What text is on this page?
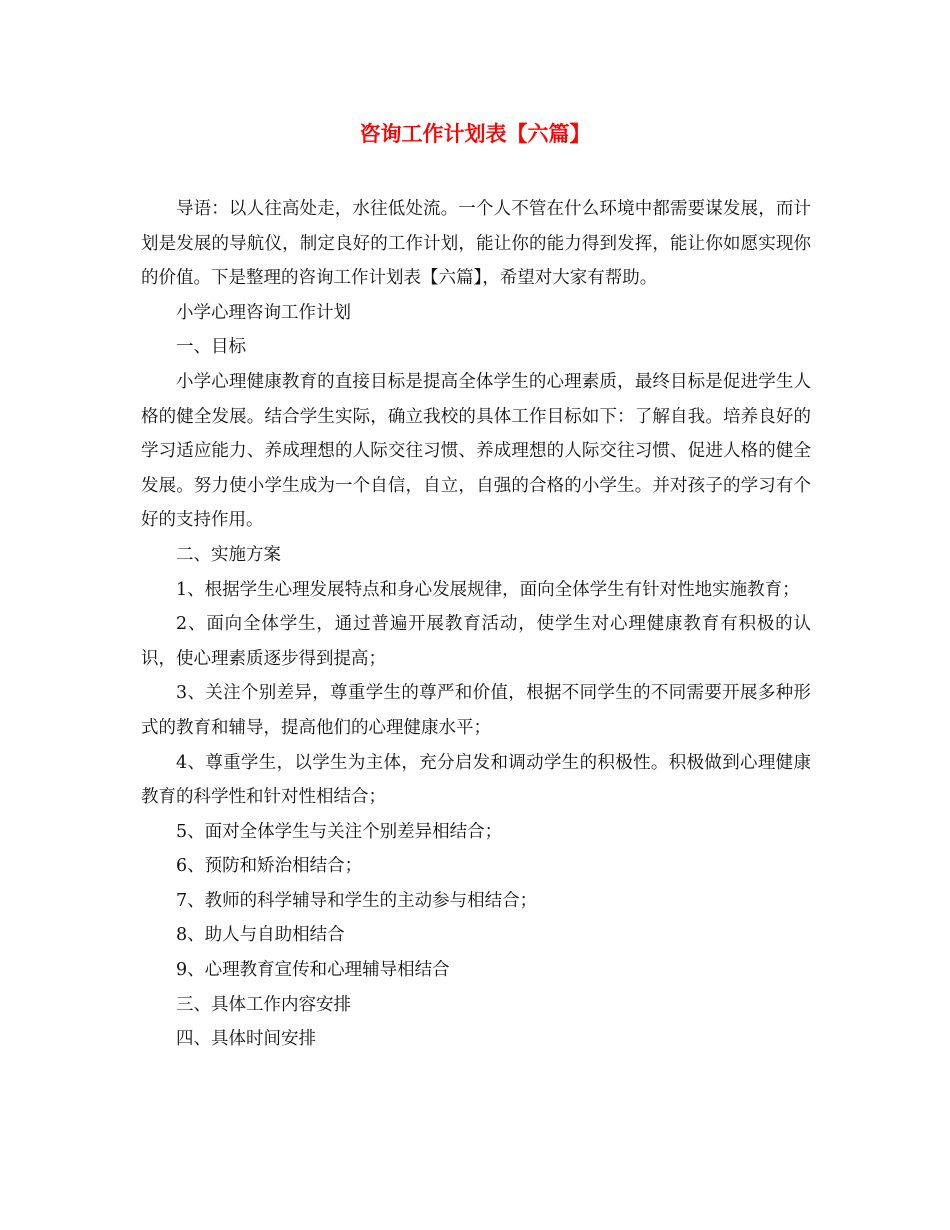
咨询工作计划表【六篇】

导语：以人往高处走，水往低处流。一个人不管在什么环境中都需要谋发展，而计划是发展的导航仪，制定良好的工作计划，能让你的能力得到发挥，能让你如愿实现你的价值。下是整理的咨询工作计划表【六篇】，希望对大家有帮助。

小学心理咨询工作计划

一、目标

小学心理健康教育的直接目标是提高全体学生的心理素质，最终目标是促进学生人格的健全发展。结合学生实际，确立我校的具体工作目标如下：了解自我。培养良好的学习适应能力、养成理想的人际交往习惯、养成理想的人际交往习惯、促进人格的健全发展。努力使小学生成为一个自信，自立，自强的合格的小学生。并对孩子的学习有个好的支持作用。

二、实施方案

1、根据学生心理发展特点和身心发展规律，面向全体学生有针对性地实施教育；

2、面向全体学生，通过普遍开展教育活动，使学生对心理健康教育有积极的认识，使心理素质逐步得到提高；

3、关注个别差异，尊重学生的尊严和价值，根据不同学生的不同需要开展多种形式的教育和辅导，提高他们的心理健康水平；

4、尊重学生，以学生为主体，充分启发和调动学生的积极性。积极做到心理健康教育的科学性和针对性相结合；

5、面对全体学生与关注个别差异相结合；

6、预防和矫治相结合；

7、教师的科学辅导和学生的主动参与相结合；

8、助人与自助相结合

9、心理教育宣传和心理辅导相结合

三、具体工作内容安排

四、具体时间安排
